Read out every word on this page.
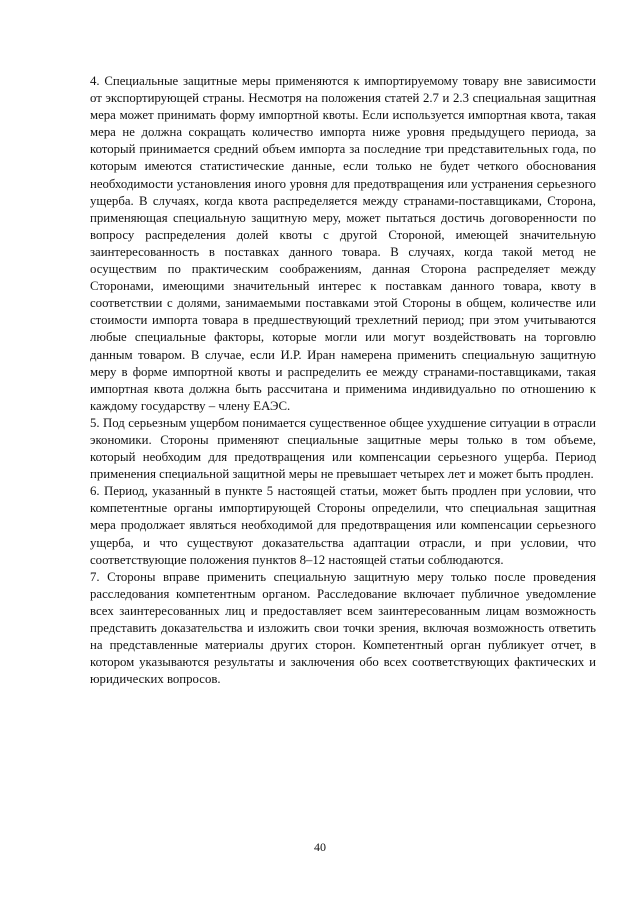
4. Специальные защитные меры применяются к импортируемому товару вне зависимости от экспортирующей страны. Несмотря на положения статей 2.7 и 2.3 специальная защитная мера может принимать форму импортной квоты. Если используется импортная квота, такая мера не должна сокращать количество импорта ниже уровня предыдущего периода, за который принимается средний объем импорта за последние три представительных года, по которым имеются статистические данные, если только не будет четкого обоснования необходимости установления иного уровня для предотвращения или устранения серьезного ущерба. В случаях, когда квота распределяется между странами-поставщиками, Сторона, применяющая специальную защитную меру, может пытаться достичь договоренности по вопросу распределения долей квоты с другой Стороной, имеющей значительную заинтересованность в поставках данного товара. В случаях, когда такой метод не осуществим по практическим соображениям, данная Сторона распределяет между Сторонами, имеющими значительный интерес к поставкам данного товара, квоту в соответствии с долями, занимаемыми поставками этой Стороны в общем, количестве или стоимости импорта товара в предшествующий трехлетний период; при этом учитываются любые специальные факторы, которые могли или могут воздействовать на торговлю данным товаром. В случае, если И.Р. Иран намерена применить специальную защитную меру в форме импортной квоты и распределить ее между странами-поставщиками, такая импортная квота должна быть рассчитана и применима индивидуально по отношению к каждому государству – члену ЕАЭС.

5. Под серьезным ущербом понимается существенное общее ухудшение ситуации в отрасли экономики. Стороны применяют специальные защитные меры только в том объеме, который необходим для предотвращения или компенсации серьезного ущерба. Период применения специальной защитной меры не превышает четырех лет и может быть продлен.

6. Период, указанный в пункте 5 настоящей статьи, может быть продлен при условии, что компетентные органы импортирующей Стороны определили, что специальная защитная мера продолжает являться необходимой для предотвращения или компенсации серьезного ущерба, и что существуют доказательства адаптации отрасли, и при условии, что соответствующие положения пунктов 8–12 настоящей статьи соблюдаются.

7. Стороны вправе применить специальную защитную меру только после проведения расследования компетентным органом. Расследование включает публичное уведомление всех заинтересованных лиц и предоставляет всем заинтересованным лицам возможность представить доказательства и изложить свои точки зрения, включая возможность ответить на представленные материалы других сторон. Компетентный орган публикует отчет, в котором указываются результаты и заключения обо всех соответствующих фактических и юридических вопросов.

40
